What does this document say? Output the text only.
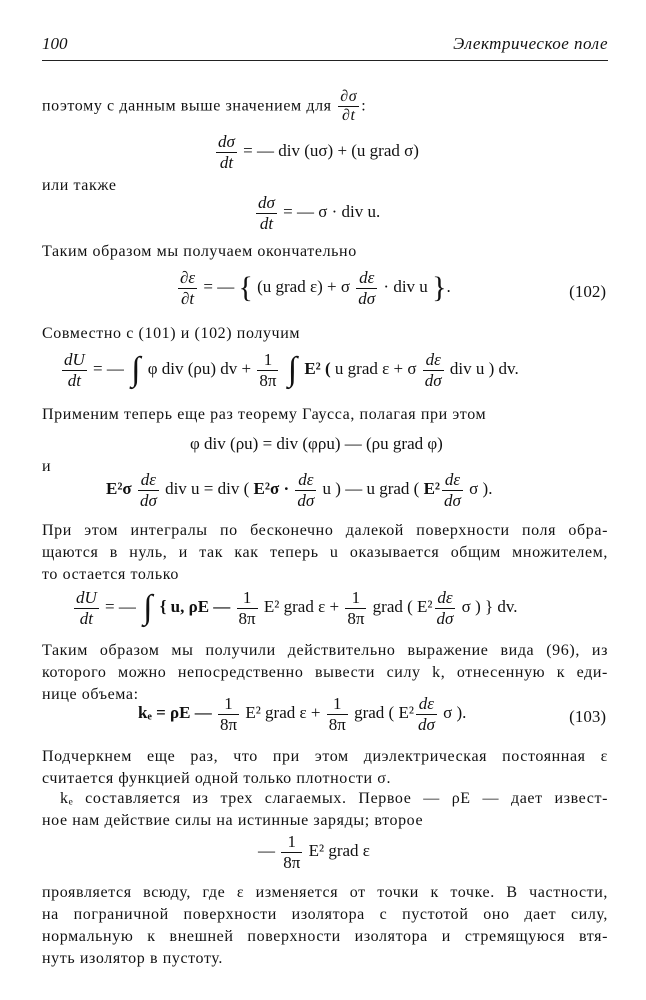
100	Электрическое поле
поэтому с данным выше значением для $\frac{\partial\sigma}{\partial t}$ :
$\frac{d\sigma}{dt}$ = — div (uσ) + (u grad σ)
или также
$\frac{d\sigma}{dt}$ = — σ · div u.
Таким образом мы получаем окончательно
$\frac{\partial\varepsilon}{\partial t}$ = — { (u grad ε) + σ $\frac{d\varepsilon}{d\sigma}$ · div u }.	(102)
Совместно с (101) и (102) получим
$\frac{dU}{dt}$ = — ∫ φ div (ρu) dv + $\frac{1}{8\pi}$ ∫ E² ( u grad ε + σ $\frac{d\varepsilon}{d\sigma}$ div u ) dv.
Применим теперь еще раз теорему Гаусса, полагая при этом
φ div (ρu) = div (φρu) — (ρu grad φ)
и
$E^2\sigma \frac{d\varepsilon}{d\sigma}$ div u = div ( $E^2\sigma \cdot \frac{d\varepsilon}{d\sigma}$ u ) — u grad ( $E^2 \frac{d\varepsilon}{d\sigma}$ σ ).
При этом интегралы по бесконечно далекой поверхности поля обра-
щаются в нуль, и так как теперь u оказывается общим множителем,
то остается только
$\frac{dU}{dt}$ = — ∫ { u, ρE — $\frac{1}{8\pi} E^2$ grad $\varepsilon + \frac{1}{8\pi}$ grad ( $E^2 \frac{d\varepsilon}{d\sigma}$ σ ) } dv.
Таким образом мы получили действительно выражение вида (96), из
которого можно непосредственно вывести силу k, отнесенную к еди-
нице объема:
kₑ = ρE — $\frac{1}{8\pi} E^2$ grad $\varepsilon + \frac{1}{8\pi}$ grad ( $E^2 \frac{d\varepsilon}{d\sigma}$ σ ).	(103)
Подчеркнем еще раз, что при этом диэлектрическая постоянная ε
считается функцией одной только плотности σ.
kₑ составляется из трех слагаемых. Первое — ρE — дает извест-
ное нам действие силы на истинные заряды; второе
— $\frac{1}{8\pi} E^2$ grad ε
проявляется всюду, где ε изменяется от точки к точке. В частности,
на пограничной поверхности изолятора с пустотой оно дает силу,
нормальную к внешней поверхности изолятора и стремящуюся втя-
нуть изолятор в пустоту.
